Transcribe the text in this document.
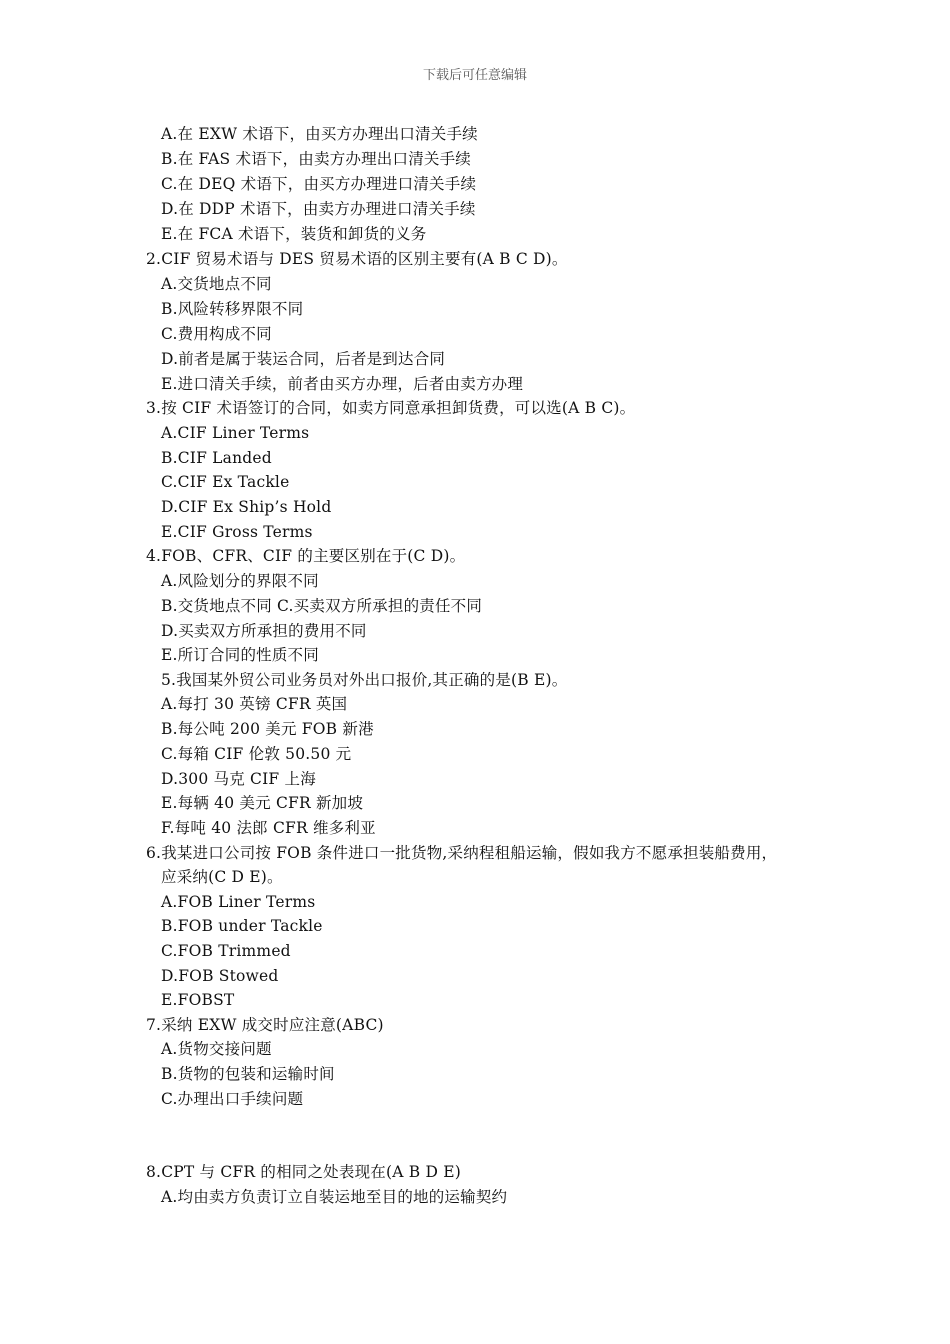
下载后可任意编辑
A.在 EXW 术语下，由买方办理出口清关手续
B.在 FAS 术语下，由卖方办理出口清关手续
C.在 DEQ 术语下，由买方办理进口清关手续
D.在 DDP 术语下，由卖方办理进口清关手续
E.在 FCA 术语下，装货和卸货的义务
2.CIF 贸易术语与 DES 贸易术语的区别主要有(A B C D)。
A.交货地点不同
B.风险转移界限不同
C.费用构成不同
D.前者是属于装运合同，后者是到达合同
E.进口清关手续，前者由买方办理，后者由卖方办理
3.按 CIF 术语签订的合同，如卖方同意承担卸货费，可以选(A B C)。
A.CIF Liner Terms
B.CIF Landed
C.CIF Ex Tackle
D.CIF Ex Ship’s Hold
E.CIF Gross Terms
4.FOB、CFR、CIF 的主要区别在于(C D)。
A.风险划分的界限不同
B.交货地点不同 C.买卖双方所承担的责任不同
D.买卖双方所承担的费用不同
E.所订合同的性质不同
5.我国某外贸公司业务员对外出口报价,其正确的是(B E)。
A.每打 30 英镑 CFR 英国
B.每公吨 200 美元 FOB 新港
C.每箱 CIF 伦敦 50.50 元
D.300 马克 CIF 上海
E.每辆 40 美元 CFR 新加坡
F.每吨 40 法郎 CFR 维多利亚
6.我某进口公司按 FOB 条件进口一批货物,采纳程租船运输，假如我方不愿承担装船费用，
应采纳(C D E)。
A.FOB Liner Terms
B.FOB under Tackle
C.FOB Trimmed
D.FOB Stowed
E.FOBST
7.采纳 EXW 成交时应注意(ABC)
A.货物交接问题
B.货物的包装和运输时间
C.办理出口手续问题
8.CPT 与 CFR 的相同之处表现在(A B D E)
A.均由卖方负责订立自装运地至目的地的运输契约
